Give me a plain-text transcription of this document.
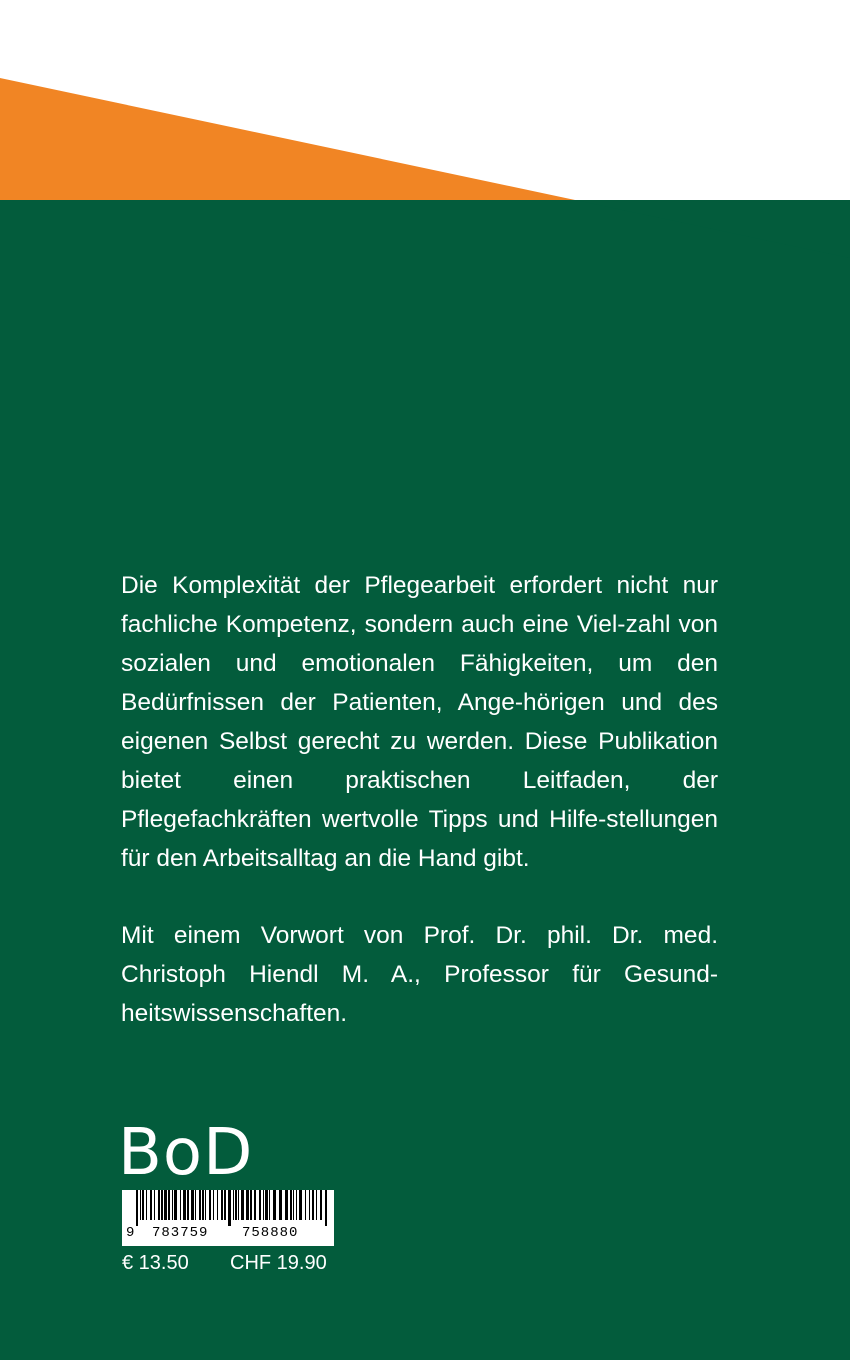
Die Komplexität der Pflegearbeit erfordert nicht nur fachliche Kompetenz, sondern auch eine Viel-zahl von sozialen und emotionalen Fähigkeiten, um den Bedürfnissen der Patienten, Ange-hörigen und des eigenen Selbst gerecht zu werden. Diese Publikation bietet einen praktischen Leitfaden, der Pflegefachkräften wertvolle Tipps und Hilfe-stellungen für den Arbeitsalltag an die Hand gibt.

Mit einem Vorwort von Prof. Dr. phil. Dr. med. Christoph Hiendl M. A., Professor für Gesund-heitswissenschaften.

BoD
9 783759 758880
€ 13.50 CHF 19.90
